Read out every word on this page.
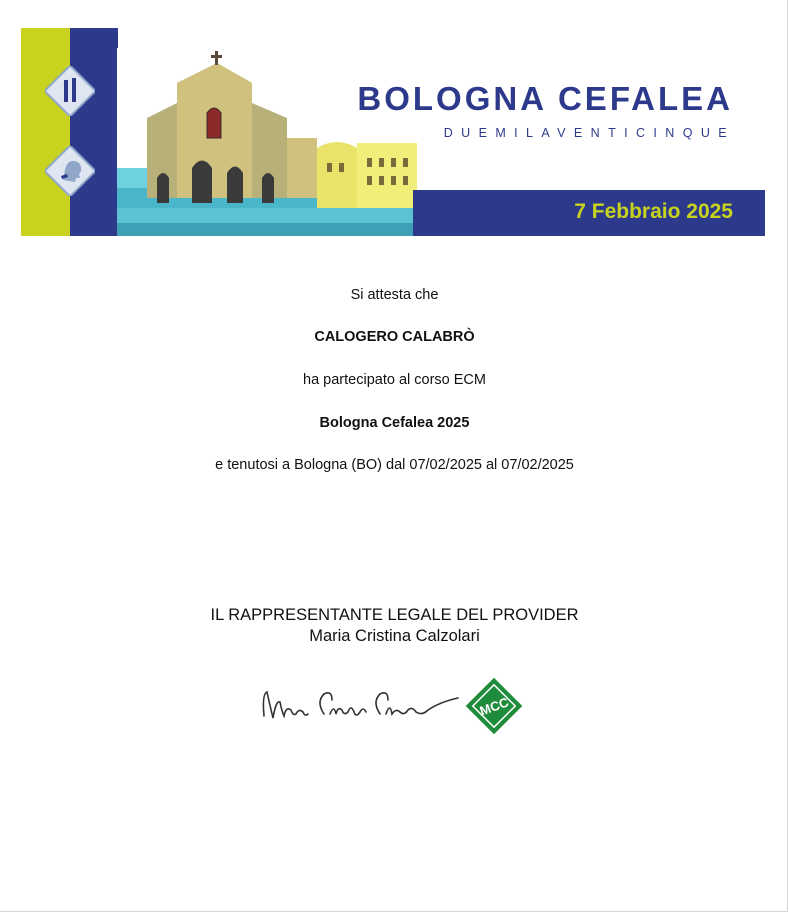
BOLOGNA CEFALEA
DUEMILAVENTICINQUE
7 Febbraio 2025
Si attesta che
CALOGERO CALABRÒ
ha partecipato al corso ECM
Bologna Cefalea 2025
e tenutosi a Bologna (BO) dal 07/02/2025 al 07/02/2025
IL RAPPRESENTANTE LEGALE DEL PROVIDER
Maria Cristina Calzolari
MCC
